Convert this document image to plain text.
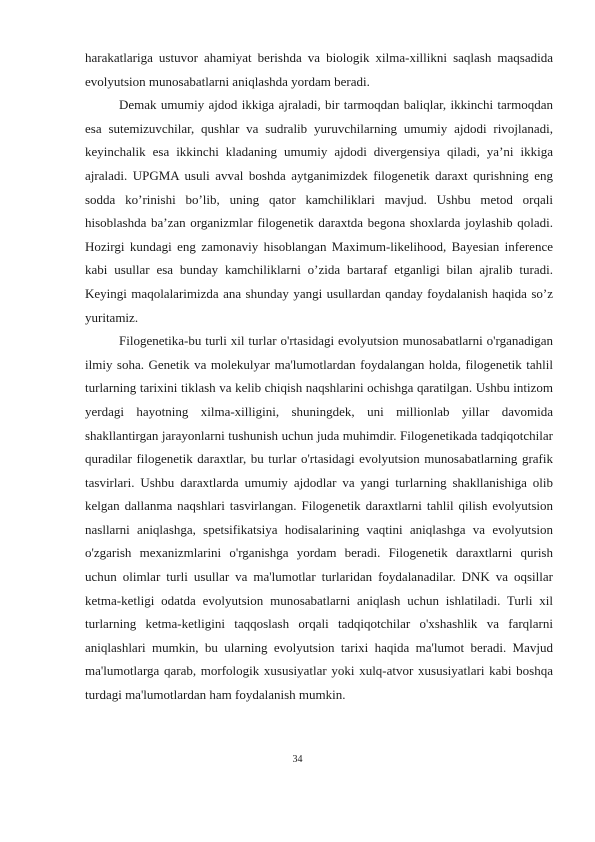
harakatlariga ustuvor ahamiyat berishda va biologik xilma-xillikni saqlash maqsadida evolyutsion munosabatlarni aniqlashda yordam beradi.

Demak umumiy ajdod ikkiga ajraladi, bir tarmoqdan baliqlar, ikkinchi tarmoqdan esa sutemizuvchilar, qushlar va sudralib yuruvchilarning umumiy ajdodi rivojlanadi, keyinchalik esa ikkinchi kladaning umumiy ajdodi divergensiya qiladi, ya’ni ikkiga ajraladi. UPGMA usuli avval boshda aytganimizdek filogenetik daraxt qurishning eng sodda ko’rinishi bo’lib, uning qator kamchiliklari mavjud. Ushbu metod orqali hisoblashda ba’zan organizmlar filogenetik daraxtda begona shoxlarda joylashib qoladi. Hozirgi kundagi eng zamonaviy hisoblangan Maximum-likelihood, Bayesian inference kabi usullar esa bunday kamchiliklarni o’zida bartaraf etganligi bilan ajralib turadi. Keyingi maqolalarimizda ana shunday yangi usullardan qanday foydalanish haqida so’z yuritamiz.

Filogenetika-bu turli xil turlar o'rtasidagi evolyutsion munosabatlarni o'rganadigan ilmiy soha. Genetik va molekulyar ma'lumotlardan foydalangan holda, filogenetik tahlil turlarning tarixini tiklash va kelib chiqish naqshlarini ochishga qaratilgan. Ushbu intizom yerdagi hayotning xilma-xilligini, shuningdek, uni millionlab yillar davomida shakllantirgan jarayonlarni tushunish uchun juda muhimdir. Filogenetikada tadqiqotchilar quradilar filogenetik daraxtlar, bu turlar o'rtasidagi evolyutsion munosabatlarning grafik tasvirlari. Ushbu daraxtlarda umumiy ajdodlar va yangi turlarning shakllanishiga olib kelgan dallanma naqshlari tasvirlangan. Filogenetik daraxtlarni tahlil qilish evolyutsion nasllarni aniqlashga, spetsifikatsiya hodisalarining vaqtini aniqlashga va evolyutsion o'zgarish mexanizmlarini o'rganishga yordam beradi. Filogenetik daraxtlarni qurish uchun olimlar turli usullar va ma'lumotlar turlaridan foydalanadilar. DNK va oqsillar ketma-ketligi odatda evolyutsion munosabatlarni aniqlash uchun ishlatiladi. Turli xil turlarning ketma-ketligini taqqoslash orqali tadqiqotchilar o'xshashlik va farqlarni aniqlashlari mumkin, bu ularning evolyutsion tarixi haqida ma'lumot beradi. Mavjud ma'lumotlarga qarab, morfologik xususiyatlar yoki xulq-atvor xususiyatlari kabi boshqa turdagi ma'lumotlardan ham foydalanish mumkin.

34
